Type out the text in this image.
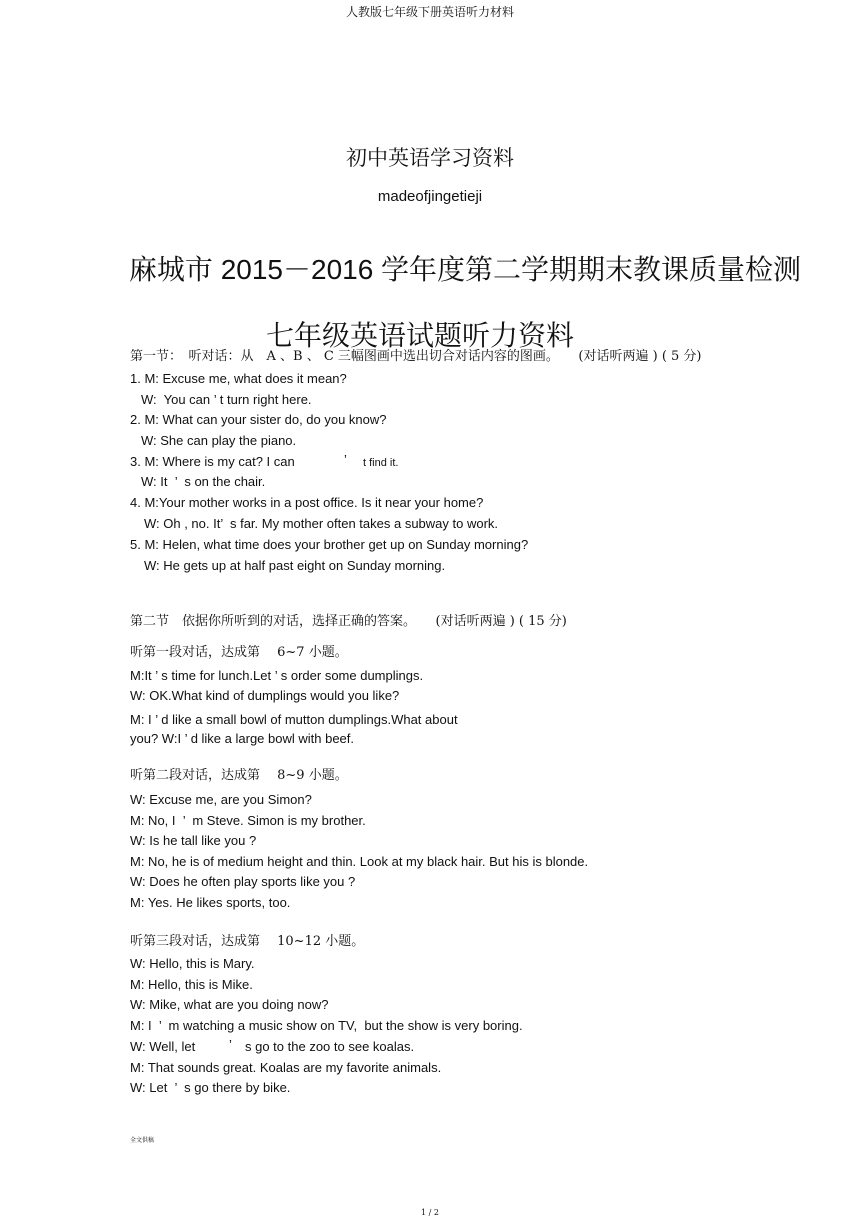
人教版七年级下册英语听力材料
初中英语学习资料
madeofjingetieji
麻城市 2015－2016 学年度第二学期期末教课质量检测
七年级英语试题听力资料
第一节：　听对话：从　A 、B 、 C 三幅图画中选出切合对话内容的图画。　　(对话听两遍 ) ( 5 分)
1. M: Excuse me, what does it mean?
W:  You can ’ t turn right here.
2. M: What can your sister do, do you know?
W: She can play the piano.
3. M: Where is my cat? I can	’ t find it.
W: It  ’  s on the chair.
4. M:Your mother works in a post office. Is it near your home?
W: Oh , no. It’  s far. My mother often takes a subway to work.
5. M: Helen, what time does your brother get up on Sunday morning?
W: He gets up at half past eight on Sunday morning.
第二节　依据你所听到的对话，选择正确的答案。　　(对话听两遍 ) ( 15 分)
听第一段对话，达成第　 6~7 小题。
M:It ’ s time for lunch.Let ’ s order some dumplings.
W: OK.What kind of dumplings would you like?
M: I ’ d like a small bowl of mutton dumplings.What about
you? W:I ’ d like a large bowl with beef.
听第二段对话，达成第　 8~9 小题。
W: Excuse me, are you Simon?
M: No, I  ’  m Steve. Simon is my brother.
W: Is he tall like you ?
M: No, he is of medium height and thin. Look at my black hair. But his is blonde.
W: Does he often play sports like you ?
M: Yes. He likes sports, too.
听第三段对话，达成第　 10~12 小题。
W: Hello, this is Mary.
M: Hello, this is Mike.
W: Mike, what are you doing now?
M: I  ’  m watching a music show on TV,  but the show is very boring.
W: Well, let	’ s go to the zoo to see koalas.
M: That sounds great. Koalas are my favorite animals.
W: Let  ’  s go there by bike.
全文供稿
1 / 2
